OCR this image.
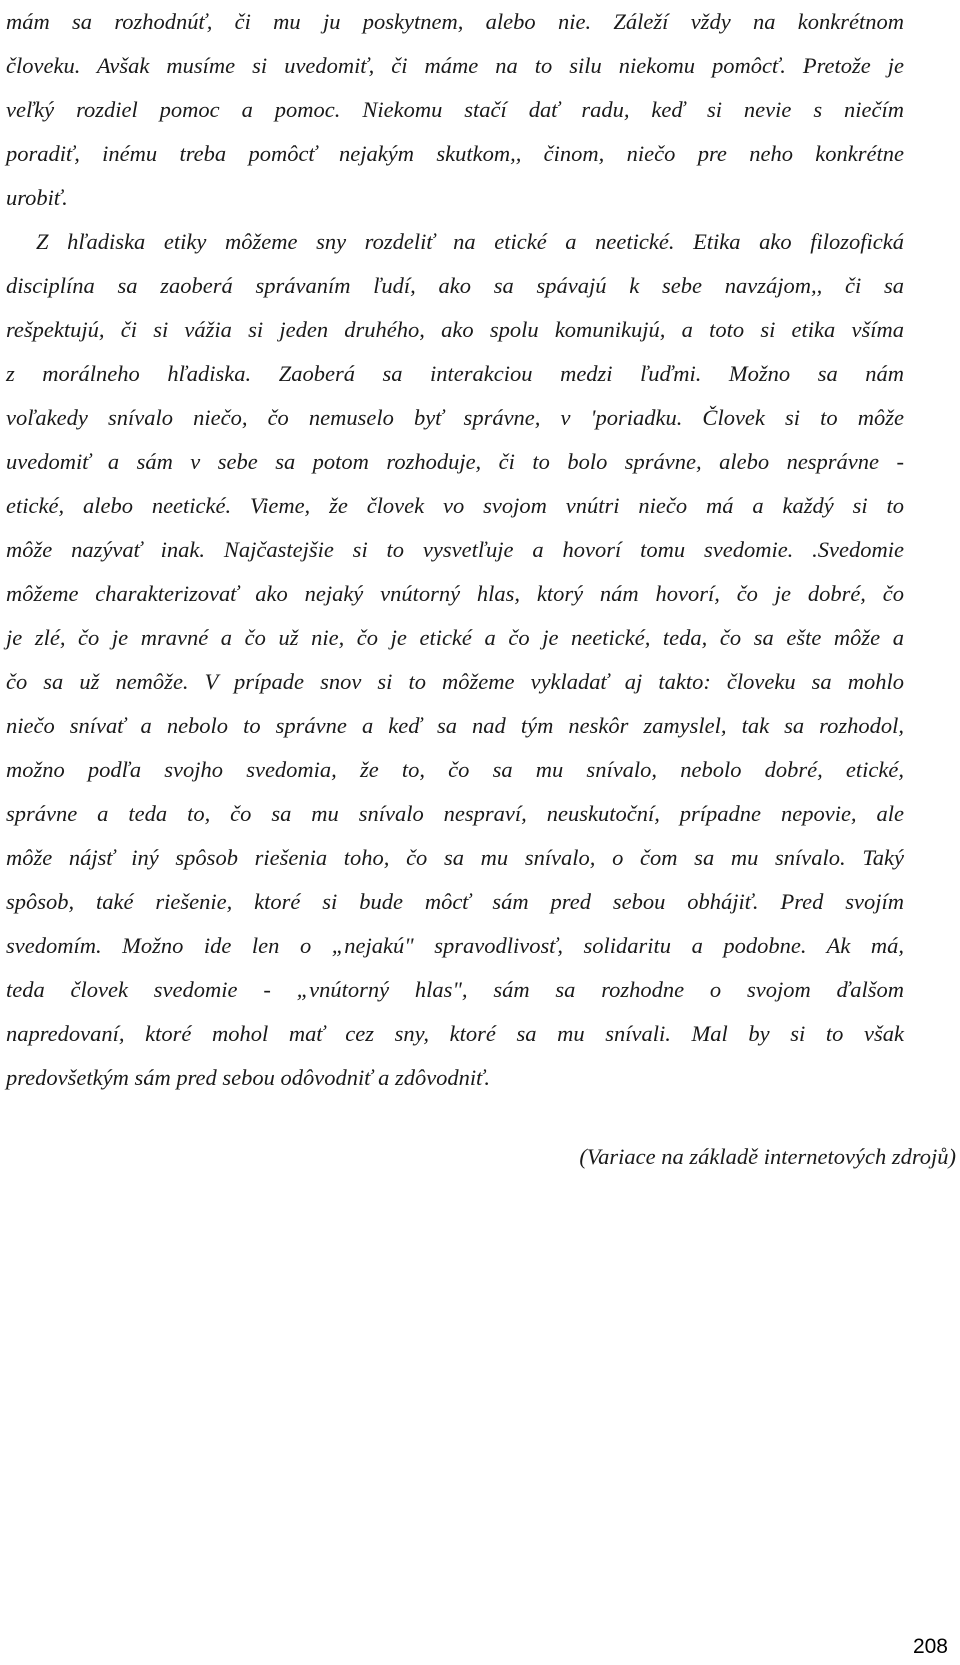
mám sa rozhodnúť, či mu ju poskytnem, alebo nie. Záleží vždy na konkrétnom
človeku. Avšak musíme si uvedomiť, či máme na to silu niekomu pomôcť. Pretože je
veľký rozdiel pomoc a pomoc. Niekomu stačí dať radu, keď si nevie s niečím
poradiť, inému treba pomôcť nejakým skutkom,, činom, niečo pre neho konkrétne
urobiť.
Z hľadiska etiky môžeme sny rozdeliť na etické a neetické. Etika ako filozofická
disciplína sa zaoberá správaním ľudí, ako sa spávajú k sebe navzájom,, či sa
rešpektujú, či si vážia si jeden druhého, ako spolu komunikujú, a toto si etika všíma
z morálneho hľadiska. Zaoberá sa interakciou medzi ľuďmi. Možno sa nám
voľakedy snívalo niečo, čo nemuselo byť správne, v 'poriadku. Človek si to môže
uvedomiť a sám v sebe sa potom rozhoduje, či to bolo správne, alebo nesprávne -
etické, alebo neetické. Vieme, že človek vo svojom vnútri niečo má a každý si to
môže nazývať inak. Najčastejšie si to vysvetľuje a hovorí tomu svedomie. .Svedomie
môžeme charakterizovať ako nejaký vnútorný hlas, ktorý nám hovorí, čo je dobré, čo
je zlé, čo je mravné a čo už nie, čo je etické a čo je neetické, teda, čo sa ešte môže a
čo sa už nemôže. V prípade snov si to môžeme vykladať aj takto: človeku sa mohlo
niečo snívať a nebolo to správne a keď sa nad tým neskôr zamyslel, tak sa rozhodol,
možno podľa svojho svedomia, že to, čo sa mu snívalo, nebolo dobré, etické,
správne a teda to, čo sa mu snívalo nespraví, neuskutoční, prípadne nepovie, ale
môže nájsť iný spôsob riešenia toho, čo sa mu snívalo, o čom sa mu snívalo. Taký
spôsob, také riešenie, ktoré si bude môcť sám pred sebou obhájiť. Pred svojím
svedomím. Možno ide len o „nejakú" spravodlivosť, solidaritu a podobne. Ak má,
teda človek svedomie - „vnútorný hlas", sám sa rozhodne o svojom ďalšom
napredovaní, ktoré mohol mať cez sny, ktoré sa mu snívali. Mal by si to však
predovšetkým sám pred sebou odôvodniť a zdôvodniť.
(Variace na základě internetových zdrojů)
208
